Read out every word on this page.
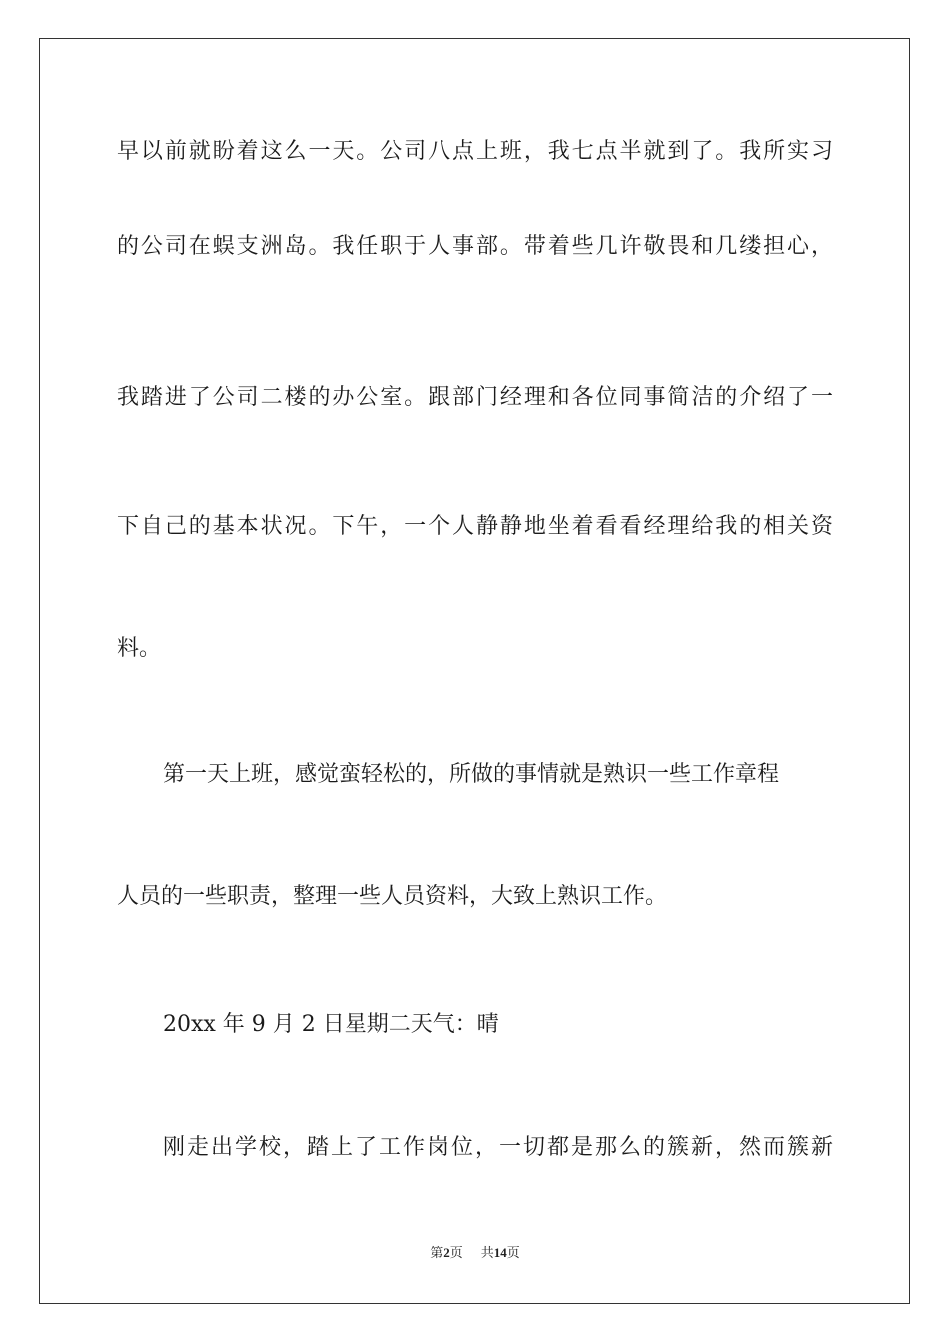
早以前就盼着这么一天。公司八点上班，我七点半就到了。我所实习
的公司在蜈支洲岛。我任职于人事部。带着些几许敬畏和几缕担心，
我踏进了公司二楼的办公室。跟部门经理和各位同事简洁的介绍了一
下自己的基本状况。下午，一个人静静地坐着看看经理给我的相关资
料。
第一天上班，感觉蛮轻松的，所做的事情就是熟识一些工作章程
人员的一些职责，整理一些人员资料，大致上熟识工作。
20xx 年 9 月 2 日星期二天气：晴
刚走出学校，踏上了工作岗位，一切都是那么的簇新，然而簇新
第2页 共14页
